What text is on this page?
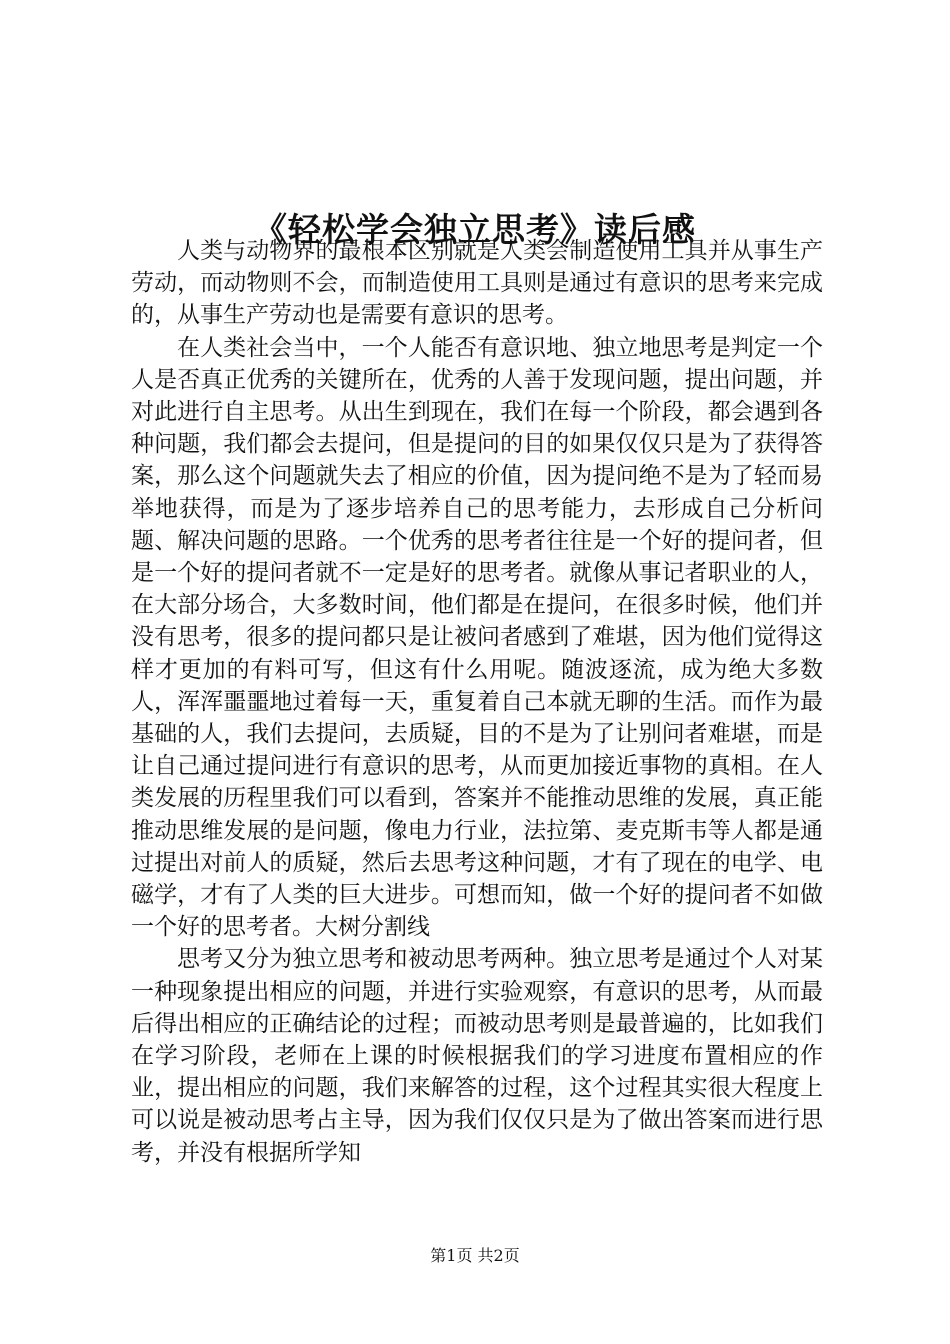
《轻松学会独立思考》读后感

人类与动物界的最根本区别就是人类会制造使用工具并从事生产劳动，而动物则不会，而制造使用工具则是通过有意识的思考来完成的，从事生产劳动也是需要有意识的思考。

在人类社会当中，一个人能否有意识地、独立地思考是判定一个人是否真正优秀的关键所在，优秀的人善于发现问题，提出问题，并对此进行自主思考。从出生到现在，我们在每一个阶段，都会遇到各种问题，我们都会去提问，但是提问的目的如果仅仅只是为了获得答案，那么这个问题就失去了相应的价值，因为提问绝不是为了轻而易举地获得，而是为了逐步培养自己的思考能力，去形成自己分析问题、解决问题的思路。一个优秀的思考者往往是一个好的提问者，但是一个好的提问者就不一定是好的思考者。就像从事记者职业的人，在大部分场合，大多数时间，他们都是在提问，在很多时候，他们并没有思考，很多的提问都只是让被问者感到了难堪，因为他们觉得这样才更加的有料可写，但这有什么用呢。随波逐流，成为绝大多数人，浑浑噩噩地过着每一天，重复着自己本就无聊的生活。而作为最基础的人，我们去提问，去质疑，目的不是为了让别问者难堪，而是让自己通过提问进行有意识的思考，从而更加接近事物的真相。在人类发展的历程里我们可以看到，答案并不能推动思维的发展，真正能推动思维发展的是问题，像电力行业，法拉第、麦克斯韦等人都是通过提出对前人的质疑，然后去思考这种问题，才有了现在的电学、电磁学，才有了人类的巨大进步。可想而知，做一个好的提问者不如做一个好的思考者。大树分割线

思考又分为独立思考和被动思考两种。独立思考是通过个人对某一种现象提出相应的问题，并进行实验观察，有意识的思考，从而最后得出相应的正确结论的过程；而被动思考则是最普遍的，比如我们在学习阶段，老师在上课的时候根据我们的学习进度布置相应的作业，提出相应的问题，我们来解答的过程，这个过程其实很大程度上可以说是被动思考占主导，因为我们仅仅只是为了做出答案而进行思考，并没有根据所学知

第1页 共2页
